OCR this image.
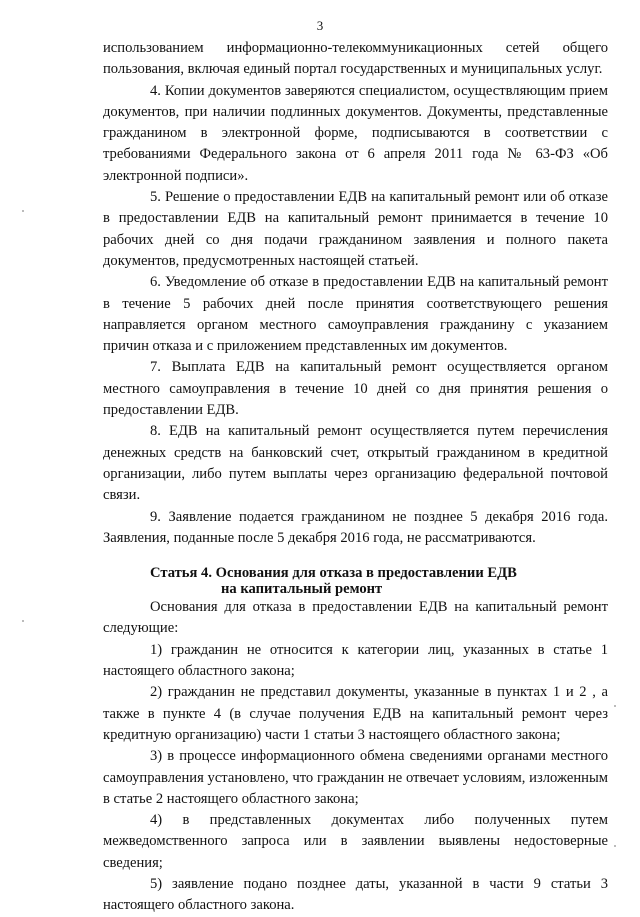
3

использованием информационно-телекоммуникационных сетей общего пользования, включая единый портал государственных и муниципальных услуг.

4. Копии документов заверяются специалистом, осуществляющим прием документов, при наличии подлинных документов. Документы, представленные гражданином в электронной форме, подписываются в соответствии с требованиями Федерального закона от 6 апреля 2011 года № 63-ФЗ «Об электронной подписи».

5. Решение о предоставлении ЕДВ на капитальный ремонт или об отказе в предоставлении ЕДВ на капитальный ремонт принимается в течение 10 рабочих дней со дня подачи гражданином заявления и полного пакета документов, предусмотренных настоящей статьей.

6. Уведомление об отказе в предоставлении ЕДВ на капитальный ремонт в течение 5 рабочих дней после принятия соответствующего решения направляется органом местного самоуправления гражданину с указанием причин отказа и с приложением представленных им документов.

7. Выплата ЕДВ на капитальный ремонт осуществляется органом местного самоуправления в течение 10 дней со дня принятия решения о предоставлении ЕДВ.

8. ЕДВ на капитальный ремонт осуществляется путем перечисления денежных средств на банковский счет, открытый гражданином в кредитной организации, либо путем выплаты через организацию федеральной почтовой связи.

9. Заявление подается гражданином не позднее 5 декабря 2016 года. Заявления, поданные после 5 декабря 2016 года, не рассматриваются.

Статья 4. Основания для отказа в предоставлении ЕДВ
на капитальный ремонт

Основания для отказа в предоставлении ЕДВ на капитальный ремонт следующие:

1) гражданин не относится к категории лиц, указанных в статье 1 настоящего областного закона;

2) гражданин не представил документы, указанные в пунктах 1 и 2 , а также в пункте 4 (в случае получения ЕДВ на капитальный ремонт через кредитную организацию) части 1 статьи 3 настоящего областного закона;

3) в процессе информационного обмена сведениями органами местного самоуправления установлено, что гражданин не отвечает условиям, изложенным в статье 2 настоящего областного закона;

4) в представленных документах либо полученных путем межведомственного запроса или в заявлении выявлены недостоверные сведения;

5) заявление подано позднее даты, указанной в части 9 статьи 3 настоящего областного закона.
